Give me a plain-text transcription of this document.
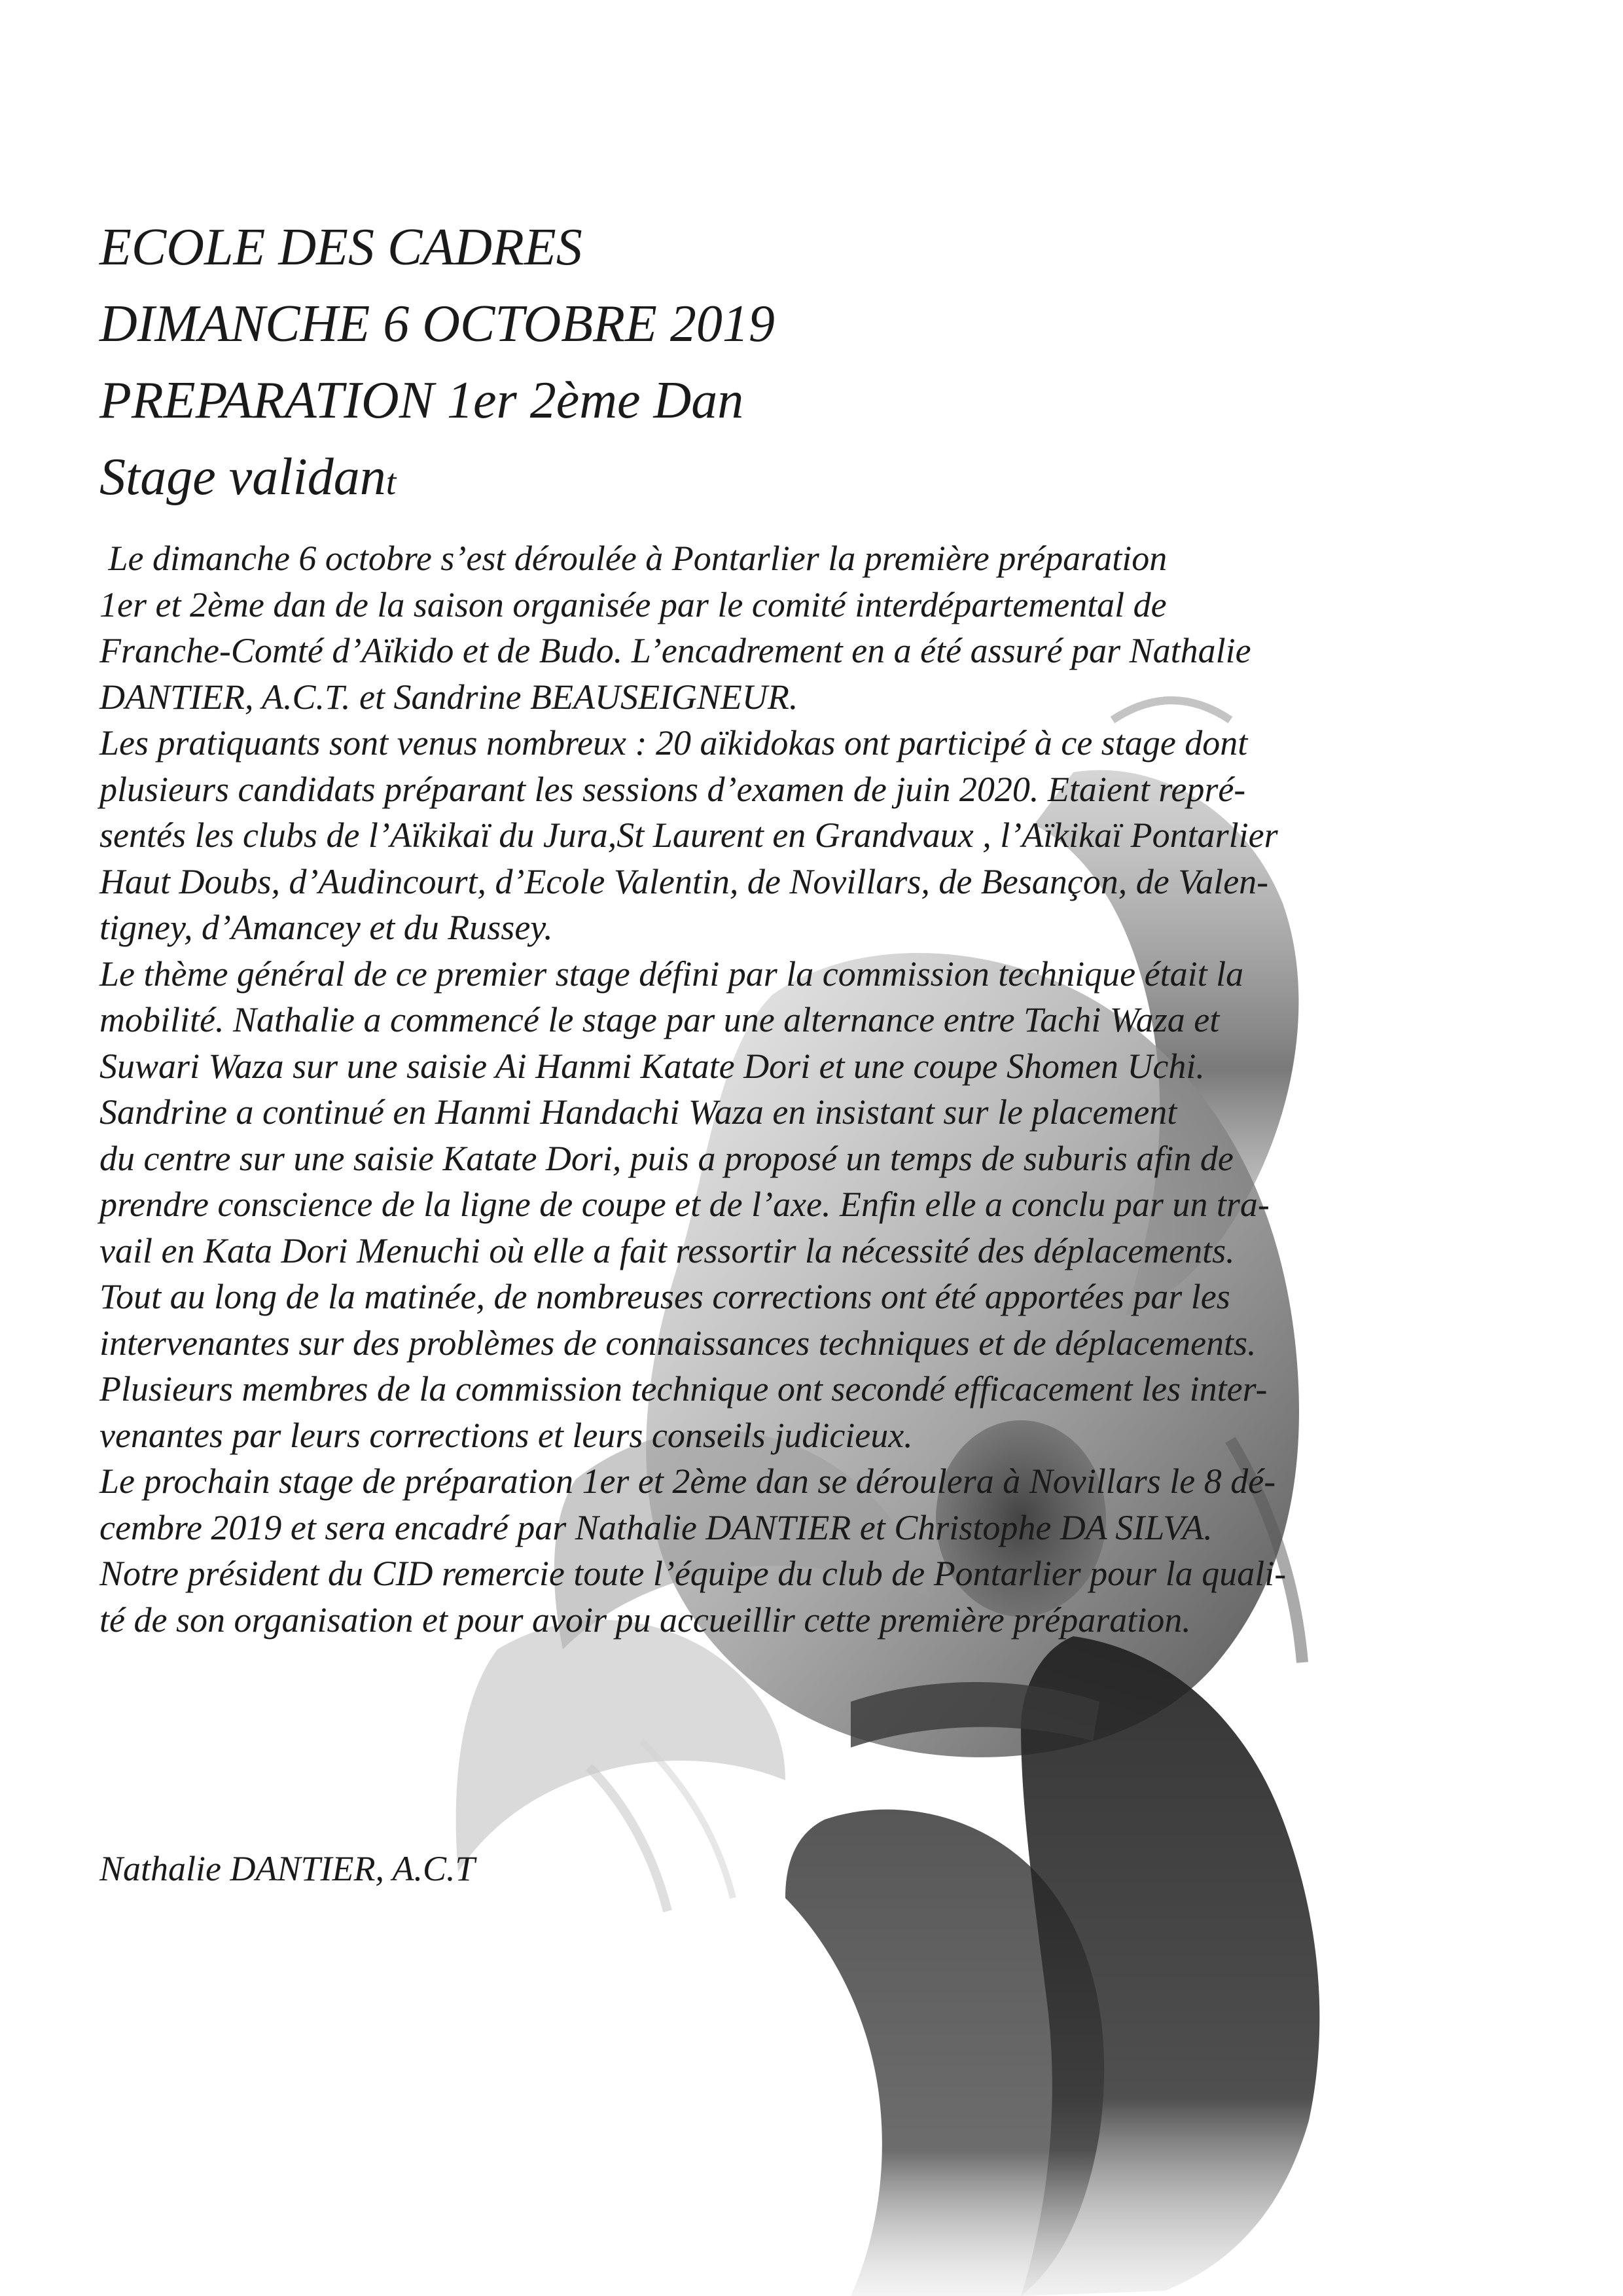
ECOLE DES CADRES
DIMANCHE 6 OCTOBRE 2019
PREPARATION 1er 2ème Dan
Stage validant
Le dimanche 6 octobre s’est déroulée à Pontarlier la première préparation
1er et 2ème dan de la saison organisée par le comité interdépartemental de
Franche-Comté d’Aïkido et de Budo. L’encadrement en a été assuré par Nathalie
DANTIER, A.C.T. et Sandrine BEAUSEIGNEUR.
Les pratiquants sont venus nombreux : 20 aïkidokas ont participé à ce stage dont
plusieurs candidats préparant les sessions d’examen de juin 2020. Etaient repré-
sentés les clubs de l’Aïkikaï du Jura,St Laurent en Grandvaux , l’Aïkikaï Pontarlier
Haut Doubs, d’Audincourt, d’Ecole Valentin, de Novillars, de Besançon, de Valen-
tigney, d’Amancey et du Russey.
Le thème général de ce premier stage défini par la commission technique était la
mobilité. Nathalie a commencé le stage par une alternance entre Tachi Waza et
Suwari Waza sur une saisie Ai Hanmi Katate Dori et une coupe Shomen Uchi.
Sandrine a continué en Hanmi Handachi Waza en insistant sur le placement
du centre sur une saisie Katate Dori, puis a proposé un temps de suburis afin de
prendre conscience de la ligne de coupe et de l’axe. Enfin elle a conclu par un tra-
vail en Kata Dori Menuchi où elle a fait ressortir la nécessité des déplacements.
Tout au long de la matinée, de nombreuses corrections ont été apportées par les
intervenantes sur des problèmes de connaissances techniques et de déplacements.
Plusieurs membres de la commission technique ont secondé efficacement les inter-
venantes par leurs corrections et leurs conseils judicieux.
Le prochain stage de préparation 1er et 2ème dan se déroulera à Novillars le 8 dé-
cembre 2019 et sera encadré par Nathalie DANTIER et Christophe DA SILVA.
Notre président du CID remercie toute l’équipe du club de Pontarlier pour la quali-
té de son organisation et pour avoir pu accueillir cette première préparation.
Nathalie DANTIER, A.C.T
